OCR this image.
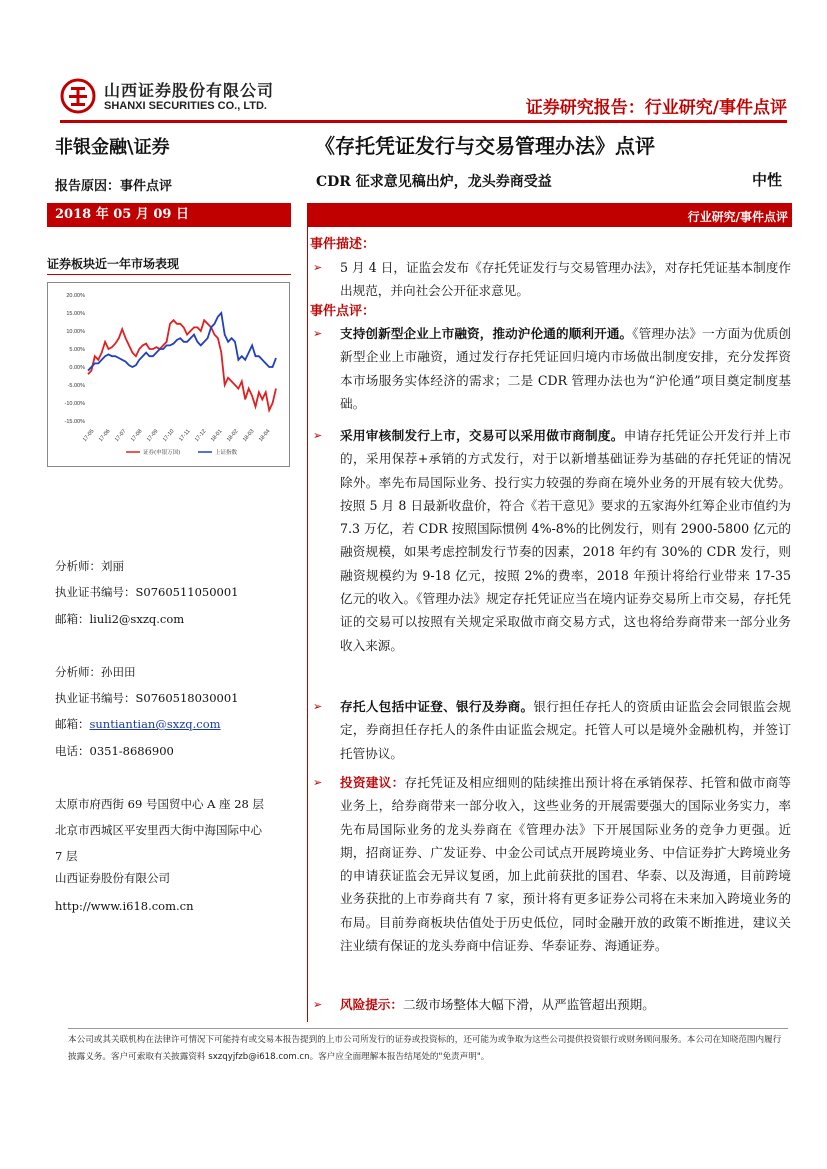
山西证券股份有限公司
SHANXI SECURITIES CO., LTD.	证券研究报告：行业研究/事件点评
非银金融\证券	《存托凭证发行与交易管理办法》点评
报告原因：事件点评	CDR 征求意见稿出炉，龙头券商受益	中性
2018 年 05 月 09 日	行业研究/事件点评
证券板块近一年市场表现
20.00%
15.00%
10.00%
5.00%
0.00%
-5.00%
-10.00%
-15.00%
17-05 17-06 17-07 17-08 17-09 17-10 17-11 17-12 18-01 18-02 18-03 18-04
证券(申银万国)	上证指数
分析师：刘丽
执业证书编号：S0760511050001
邮箱：liuli2@sxzq.com
分析师：孙田田
执业证书编号：S0760518030001
邮箱：suntiantian@sxzq.com
电话：0351-8686900
太原市府西街 69 号国贸中心 A 座 28 层
北京市西城区平安里西大街中海国际中心
7 层
山西证券股份有限公司
http://www.i618.com.cn
事件描述：
➢ 5 月 4 日，证监会发布《存托凭证发行与交易管理办法》，对存托凭证基本制度作出规范，并向社会公开征求意见。
事件点评：
➢ 支持创新型企业上市融资，推动沪伦通的顺利开通。《管理办法》一方面为优质创新型企业上市融资，通过发行存托凭证回归境内市场做出制度安排，充分发挥资本市场服务实体经济的需求；二是 CDR 管理办法也为“沪伦通”项目奠定制度基础。
➢ 采用审核制发行上市，交易可以采用做市商制度。申请存托凭证公开发行并上市的，采用保荐+承销的方式发行，对于以新增基础证券为基础的存托凭证的情况除外。率先布局国际业务、投行实力较强的券商在境外业务的开展有较大优势。按照 5 月 8 日最新收盘价，符合《若干意见》要求的五家海外红筹企业市值约为 7.3 万亿，若 CDR 按照国际惯例 4%-8%的比例发行，则有 2900-5800 亿元的融资规模，如果考虑控制发行节奏的因素，2018 年约有 30%的 CDR 发行，则融资规模约为 9-18 亿元，按照 2%的费率，2018 年预计将给行业带来 17-35 亿元的收入。《管理办法》规定存托凭证应当在境内证券交易所上市交易，存托凭证的交易可以按照有关规定采取做市商交易方式，这也将给券商带来一部分业务收入来源。
➢ 存托人包括中证登、银行及券商。银行担任存托人的资质由证监会会同银监会规定，券商担任存托人的条件由证监会规定。托管人可以是境外金融机构，并签订托管协议。
➢ 投资建议：存托凭证及相应细则的陆续推出预计将在承销保荐、托管和做市商等业务上，给券商带来一部分收入，这些业务的开展需要强大的国际业务实力，率先布局国际业务的龙头券商在《管理办法》下开展国际业务的竞争力更强。近期，招商证券、广发证券、中金公司试点开展跨境业务、中信证券扩大跨境业务的申请获证监会无异议复函，加上此前获批的国君、华泰、以及海通，目前跨境业务获批的上市券商共有 7 家，预计将有更多证券公司将在未来加入跨境业务的布局。目前券商板块估值处于历史低位，同时金融开放的政策不断推进，建议关注业绩有保证的龙头券商中信证券、华泰证券、海通证券。
➢ 风险提示：二级市场整体大幅下滑，从严监管超出预期。
本公司或其关联机构在法律许可情况下可能持有或交易本报告提到的上市公司所发行的证券或投资标的，还可能为或争取为这些公司提供投资银行或财务顾问服务。本公司在知晓范围内履行披露义务。客户可索取有关披露资料 sxzqyjfzb@i618.com.cn。客户应全面理解本报告结尾处的"免责声明"。
